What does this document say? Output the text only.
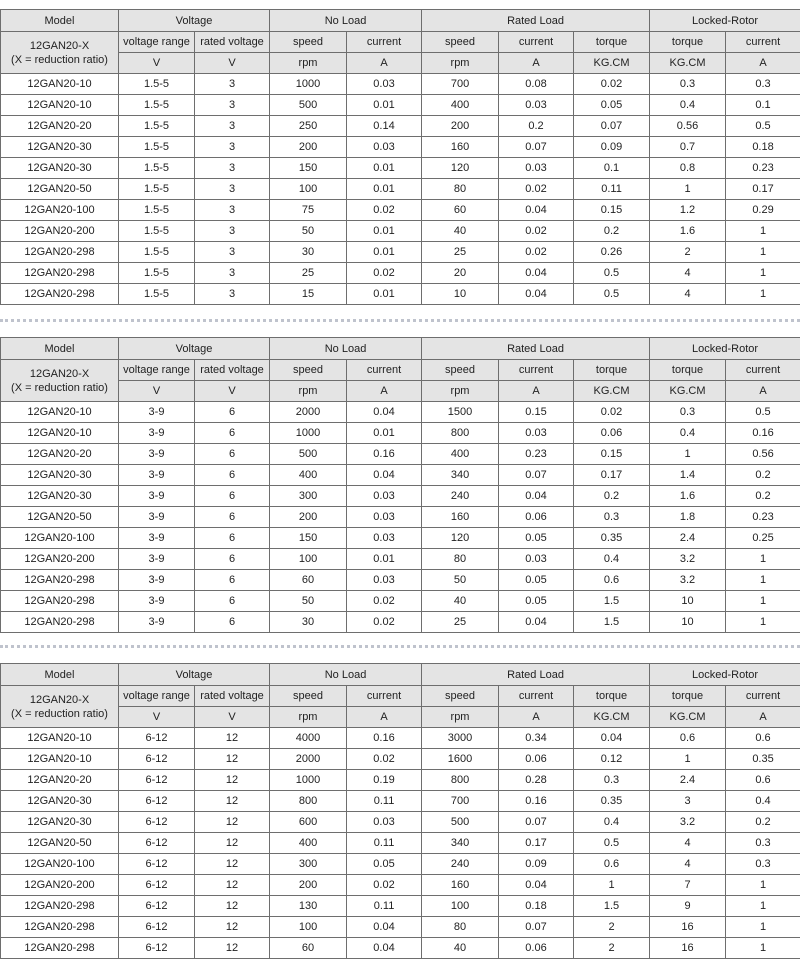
Model	Voltage		No Load		Rated Load			Locked-Rotor	
12GAN20-X
(X = reduction ratio)	voltage range	rated voltage	speed	current	speed	current	torque	torque	current
	V	V	rpm	A	rpm	A	KG.CM	KG.CM	A
12GAN20-10	1.5-5	3	1000	0.03	700	0.08	0.02	0.3	0.3
12GAN20-10	1.5-5	3	500	0.01	400	0.03	0.05	0.4	0.1
12GAN20-20	1.5-5	3	250	0.14	200	0.2	0.07	0.56	0.5
12GAN20-30	1.5-5	3	200	0.03	160	0.07	0.09	0.7	0.18
12GAN20-30	1.5-5	3	150	0.01	120	0.03	0.1	0.8	0.23
12GAN20-50	1.5-5	3	100	0.01	80	0.02	0.11	1	0.17
12GAN20-100	1.5-5	3	75	0.02	60	0.04	0.15	1.2	0.29
12GAN20-200	1.5-5	3	50	0.01	40	0.02	0.2	1.6	1
12GAN20-298	1.5-5	3	30	0.01	25	0.02	0.26	2	1
12GAN20-298	1.5-5	3	25	0.02	20	0.04	0.5	4	1
12GAN20-298	1.5-5	3	15	0.01	10	0.04	0.5	4	1
Model	Voltage		No Load		Rated Load			Locked-Rotor	
12GAN20-X
(X = reduction ratio)	voltage range	rated voltage	speed	current	speed	current	torque	torque	current
	V	V	rpm	A	rpm	A	KG.CM	KG.CM	A
12GAN20-10	3-9	6	2000	0.04	1500	0.15	0.02	0.3	0.5
12GAN20-10	3-9	6	1000	0.01	800	0.03	0.06	0.4	0.16
12GAN20-20	3-9	6	500	0.16	400	0.23	0.15	1	0.56
12GAN20-30	3-9	6	400	0.04	340	0.07	0.17	1.4	0.2
12GAN20-30	3-9	6	300	0.03	240	0.04	0.2	1.6	0.2
12GAN20-50	3-9	6	200	0.03	160	0.06	0.3	1.8	0.23
12GAN20-100	3-9	6	150	0.03	120	0.05	0.35	2.4	0.25
12GAN20-200	3-9	6	100	0.01	80	0.03	0.4	3.2	1
12GAN20-298	3-9	6	60	0.03	50	0.05	0.6	3.2	1
12GAN20-298	3-9	6	50	0.02	40	0.05	1.5	10	1
12GAN20-298	3-9	6	30	0.02	25	0.04	1.5	10	1
Model	Voltage		No Load		Rated Load			Locked-Rotor	
12GAN20-X
(X = reduction ratio)	voltage range	rated voltage	speed	current	speed	current	torque	torque	current
	V	V	rpm	A	rpm	A	KG.CM	KG.CM	A
12GAN20-10	6-12	12	4000	0.16	3000	0.34	0.04	0.6	0.6
12GAN20-10	6-12	12	2000	0.02	1600	0.06	0.12	1	0.35
12GAN20-20	6-12	12	1000	0.19	800	0.28	0.3	2.4	0.6
12GAN20-30	6-12	12	800	0.11	700	0.16	0.35	3	0.4
12GAN20-30	6-12	12	600	0.03	500	0.07	0.4	3.2	0.2
12GAN20-50	6-12	12	400	0.11	340	0.17	0.5	4	0.3
12GAN20-100	6-12	12	300	0.05	240	0.09	0.6	4	0.3
12GAN20-200	6-12	12	200	0.02	160	0.04	1	7	1
12GAN20-298	6-12	12	130	0.11	100	0.18	1.5	9	1
12GAN20-298	6-12	12	100	0.04	80	0.07	2	16	1
12GAN20-298	6-12	12	60	0.04	40	0.06	2	16	1
